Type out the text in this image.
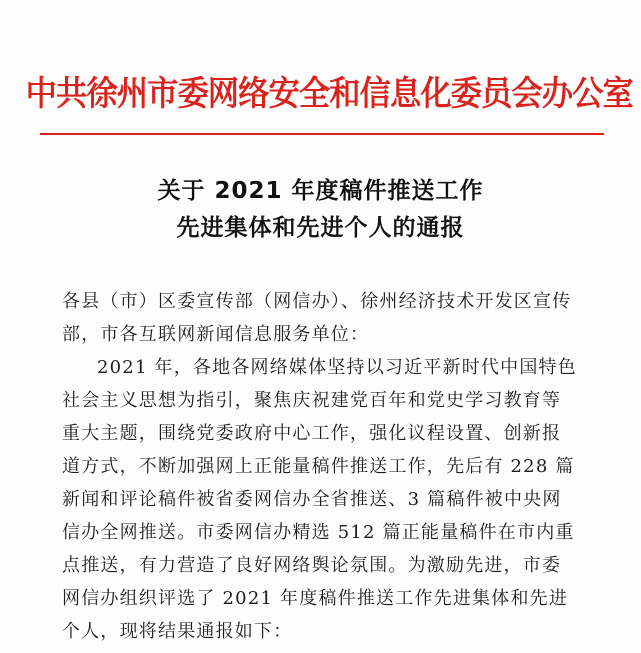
中共徐州市委网络安全和信息化委员会办公室
关于 2021 年度稿件推送工作
先进集体和先进个人的通报
各县（市）区委宣传部（网信办）、徐州经济技术开发区宣传
部，市各互联网新闻信息服务单位：
2021 年，各地各网络媒体坚持以习近平新时代中国特色
社会主义思想为指引，聚焦庆祝建党百年和党史学习教育等
重大主题，围绕党委政府中心工作，强化议程设置、创新报
道方式，不断加强网上正能量稿件推送工作，先后有 228 篇
新闻和评论稿件被省委网信办全省推送、3 篇稿件被中央网
信办全网推送。市委网信办精选 512 篇正能量稿件在市内重
点推送，有力营造了良好网络舆论氛围。为激励先进，市委
网信办组织评选了 2021 年度稿件推送工作先进集体和先进
个人，现将结果通报如下：
